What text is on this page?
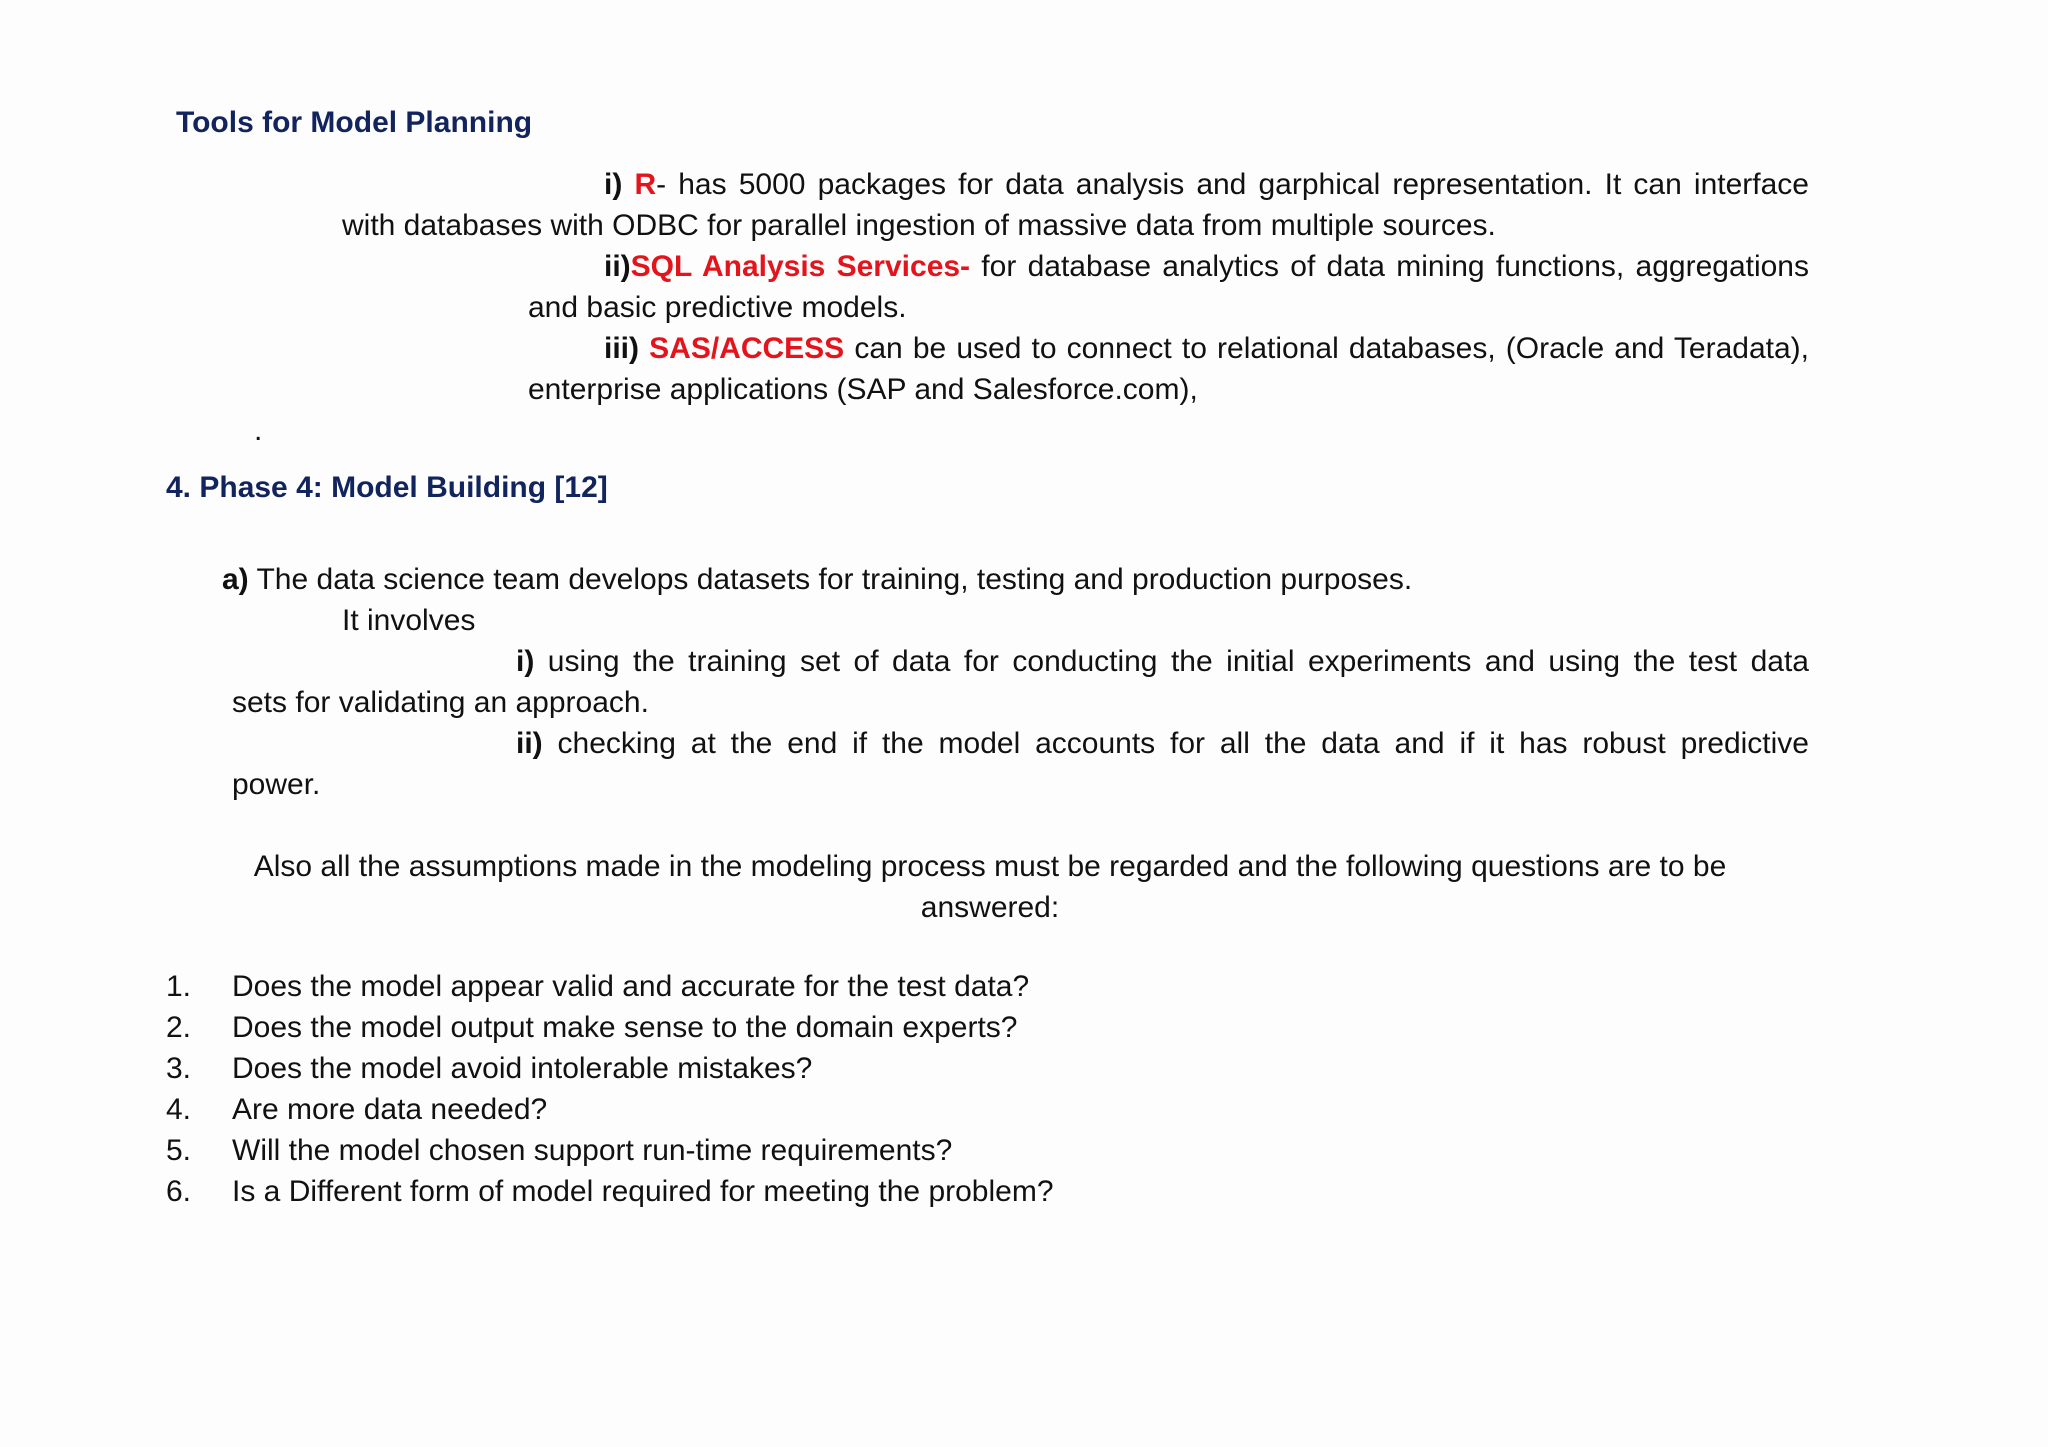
Tools for Model Planning
i) R- has 5000 packages for data analysis and garphical representation. It can interface
with databases with ODBC for parallel ingestion of massive data from multiple sources.
ii)SQL Analysis Services- for database analytics of data mining functions, aggregations
and basic predictive models.
iii) SAS/ACCESS can be used to connect to relational databases, (Oracle and Teradata),
enterprise applications (SAP and Salesforce.com),
.
4. Phase 4: Model Building [12]
a) The data science team develops datasets for training, testing and production purposes.
It involves
i) using the training set of data for conducting the initial experiments and using the test data
sets for validating an approach.
ii) checking at the end if the model accounts for all the data and if it has robust predictive
power.
Also all the assumptions made in the modeling process must be regarded and the following questions are to be
answered:
1. Does the model appear valid and accurate for the test data?
2. Does the model output make sense to the domain experts?
3. Does the model avoid intolerable mistakes?
4. Are more data needed?
5. Will the model chosen support run-time requirements?
6. Is a Different form of model required for meeting the problem?
